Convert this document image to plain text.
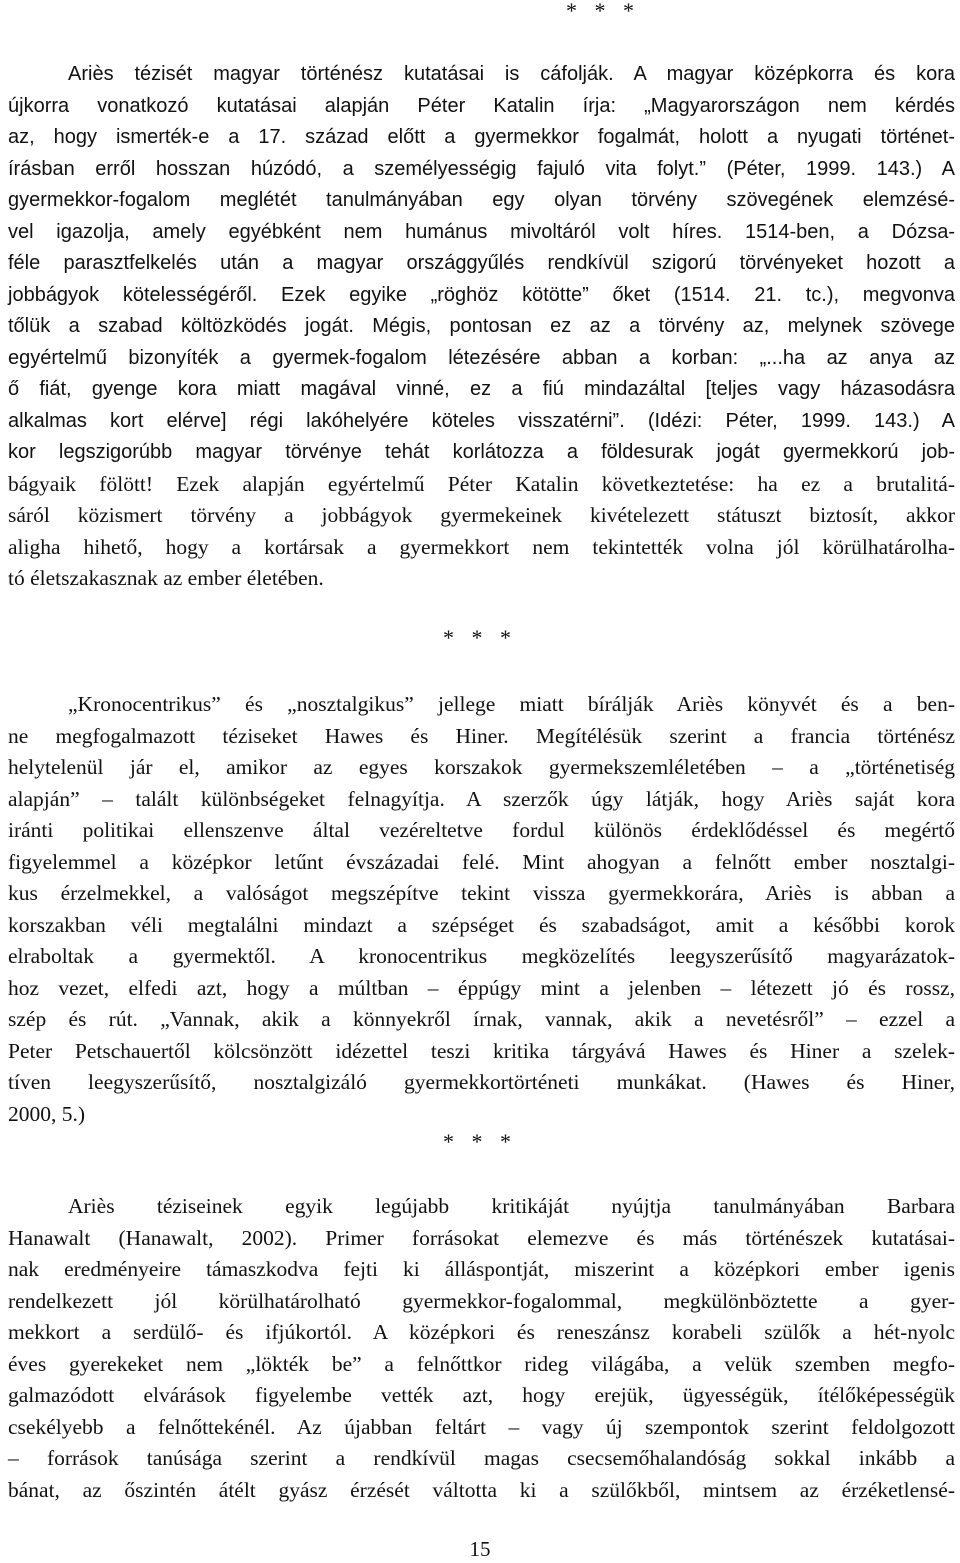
* * *
Ariès tézisét magyar történész kutatásai is cáfolják. A magyar középkorra és kora
újkorra vonatkozó kutatásai alapján Péter Katalin írja: „Magyarországon nem kérdés
az, hogy ismerték-e a 17. század előtt a gyermekkor fogalmát, holott a nyugati történet-
írásban erről hosszan húzódó, a személyességig fajuló vita folyt.” (Péter, 1999. 143.) A
gyermekkor-fogalom meglétét tanulmányában egy olyan törvény szövegének elemzésé-
vel igazolja, amely egyébként nem humánus mivoltáról volt híres. 1514-ben, a Dózsa-
féle parasztfelkelés után a magyar országgyűlés rendkívül szigorú törvényeket hozott a
jobbágyok kötelességéről. Ezek egyike „röghöz kötötte” őket (1514. 21. tc.), megvonva
tőlük a szabad költözködés jogát. Mégis, pontosan ez az a törvény az, melynek szövege
egyértelmű bizonyíték a gyermek-fogalom létezésére abban a korban: „...ha az anya az
ő fiát, gyenge kora miatt magával vinné, ez a fiú mindazáltal [teljes vagy házasodásra
alkalmas kort elérve] régi lakóhelyére köteles visszatérni”. (Idézi: Péter, 1999. 143.) A
kor legszigorúbb magyar törvénye tehát korlátozza a földesurak jogát gyermekkorú job-
bágyaik fölött! Ezek alapján egyértelmű Péter Katalin következtetése: ha ez a brutalitá-
sáról közismert törvény a jobbágyok gyermekeinek kivételezett státuszt biztosít, akkor
aligha hihető, hogy a kortársak a gyermekkort nem tekintették volna jól körülhatárolha-
tó életszakasznak az ember életében.
* * *
„Kronocentrikus” és „nosztalgikus” jellege miatt bírálják Ariès könyvét és a ben-
ne megfogalmazott téziseket Hawes és Hiner. Megítélésük szerint a francia történész
helytelenül jár el, amikor az egyes korszakok gyermekszemléletében – a „történetiség
alapján” – talált különbségeket felnagyítja. A szerzők úgy látják, hogy Ariès saját kora
iránti politikai ellenszenve által vezéreltetve fordul különös érdeklődéssel és megértő
figyelemmel a középkor letűnt évszázadai felé. Mint ahogyan a felnőtt ember nosztalgi-
kus érzelmekkel, a valóságot megszépítve tekint vissza gyermekkorára, Ariès is abban a
korszakban véli megtalálni mindazt a szépséget és szabadságot, amit a későbbi korok
elraboltak a gyermektől. A kronocentrikus megközelítés leegyszerűsítő magyarázatok-
hoz vezet, elfedi azt, hogy a múltban – éppúgy mint a jelenben – létezett jó és rossz,
szép és rút. „Vannak, akik a könnyekről írnak, vannak, akik a nevetésről” – ezzel a
Peter Petschauertől kölcsönzött idézettel teszi kritika tárgyává Hawes és Hiner a szelek-
tíven leegyszerűsítő, nosztalgizáló gyermekkortörténeti munkákat. (Hawes és Hiner,
2000, 5.)
* * *
Ariès téziseinek egyik legújabb kritikáját nyújtja tanulmányában Barbara
Hanawalt (Hanawalt, 2002). Primer forrásokat elemezve és más történészek kutatásai-
nak eredményeire támaszkodva fejti ki álláspontját, miszerint a középkori ember igenis
rendelkezett jól körülhatárolható gyermekkor-fogalommal, megkülönböztette a gyer-
mekkort a serdülő- és ifjúkortól. A középkori és reneszánsz korabeli szülők a hét-nyolc
éves gyerekeket nem „lökték be” a felnőttkor rideg világába, a velük szemben megfo-
galmazódott elvárások figyelembe vették azt, hogy erejük, ügyességük, ítélőképességük
csekélyebb a felnőttekénél. Az újabban feltárt – vagy új szempontok szerint feldolgozott
– források tanúsága szerint a rendkívül magas csecsemőhalandóság sokkal inkább a
bánat, az őszintén átélt gyász érzését váltotta ki a szülőkből, mintsem az érzéketlensé-
15
